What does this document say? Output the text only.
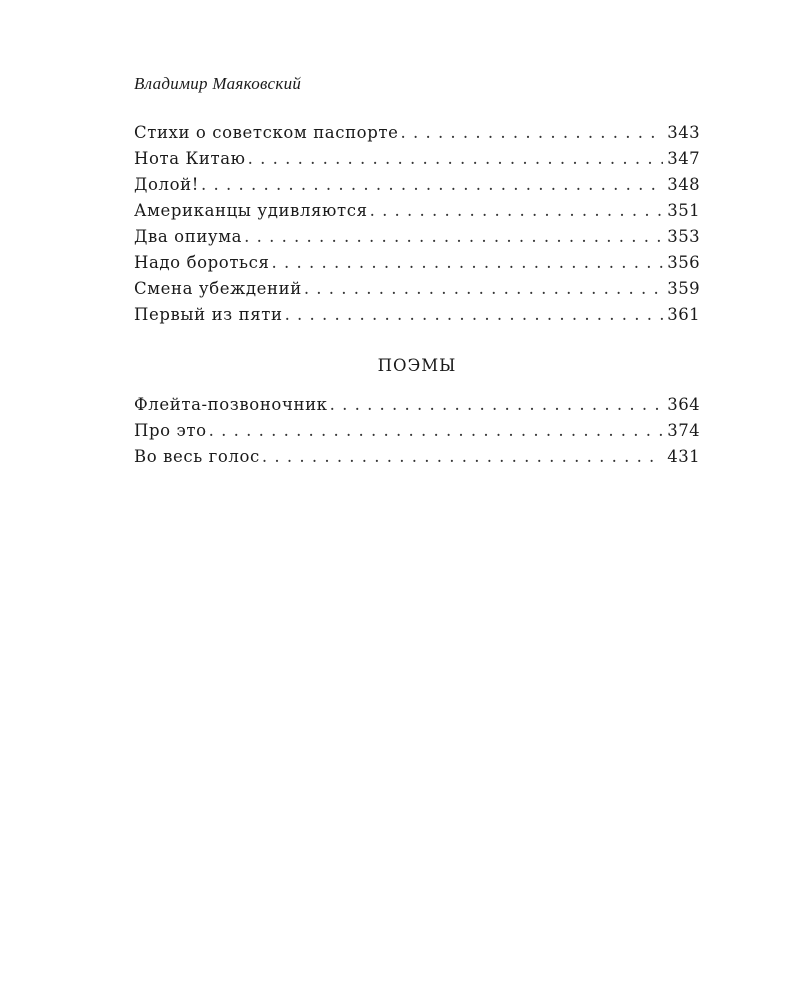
Владимир Маяковский
Стихи о советском паспорте . . .	343
Нота Китаю . . .	347
Долой! . . .	348
Американцы удивляются . . .	351
Два опиума . . .	353
Надо бороться . . .	356
Смена убеждений . . .	359
Первый из пяти . . .	361
ПОЭМЫ
Флейта-позвоночник . . .	364
Про это . . .	374
Во весь голос . . .	431
